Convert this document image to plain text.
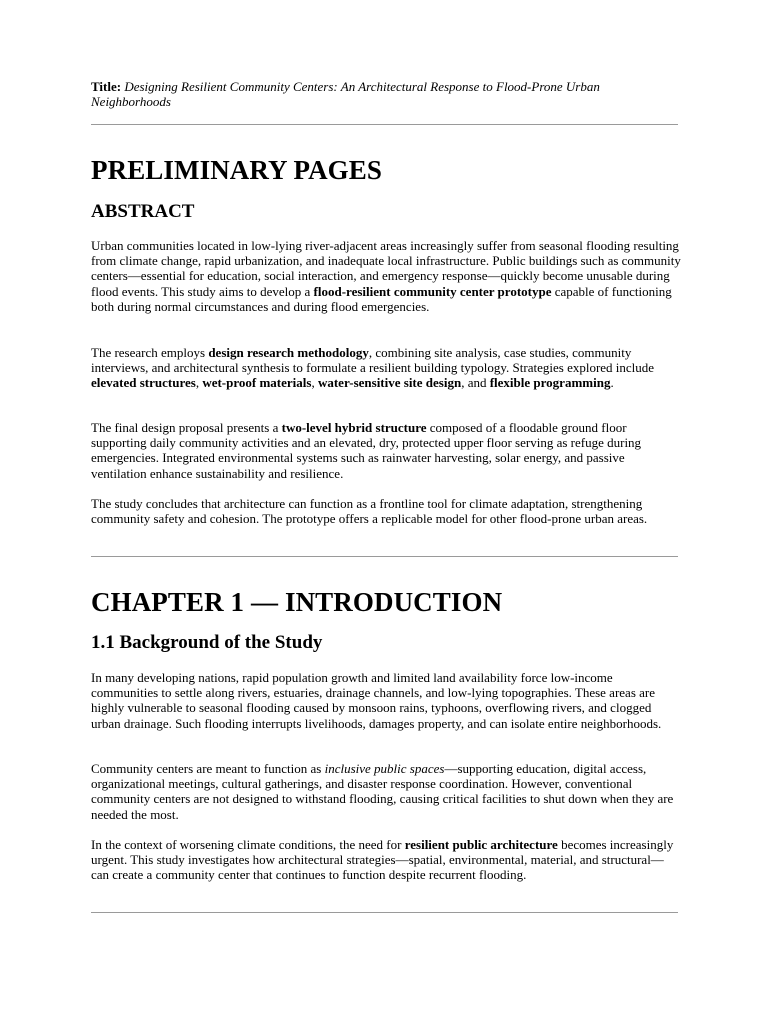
Title: Designing Resilient Community Centers: An Architectural Response to Flood-Prone Urban Neighborhoods

PRELIMINARY PAGES
ABSTRACT

Urban communities located in low-lying river-adjacent areas increasingly suffer from seasonal flooding resulting from climate change, rapid urbanization, and inadequate local infrastructure. Public buildings such as community centers—essential for education, social interaction, and emergency response—quickly become unusable during flood events. This study aims to develop a flood-resilient community center prototype capable of functioning both during normal circumstances and during flood emergencies.

The research employs design research methodology, combining site analysis, case studies, community interviews, and architectural synthesis to formulate a resilient building typology. Strategies explored include elevated structures, wet-proof materials, water-sensitive site design, and flexible programming.

The final design proposal presents a two-level hybrid structure composed of a floodable ground floor supporting daily community activities and an elevated, dry, protected upper floor serving as refuge during emergencies. Integrated environmental systems such as rainwater harvesting, solar energy, and passive ventilation enhance sustainability and resilience.

The study concludes that architecture can function as a frontline tool for climate adaptation, strengthening community safety and cohesion. The prototype offers a replicable model for other flood-prone urban areas.

CHAPTER 1 — INTRODUCTION
1.1 Background of the Study

In many developing nations, rapid population growth and limited land availability force low-income communities to settle along rivers, estuaries, drainage channels, and low-lying topographies. These areas are highly vulnerable to seasonal flooding caused by monsoon rains, typhoons, overflowing rivers, and clogged urban drainage. Such flooding interrupts livelihoods, damages property, and can isolate entire neighborhoods.

Community centers are meant to function as inclusive public spaces—supporting education, digital access, organizational meetings, cultural gatherings, and disaster response coordination. However, conventional community centers are not designed to withstand flooding, causing critical facilities to shut down when they are needed the most.

In the context of worsening climate conditions, the need for resilient public architecture becomes increasingly urgent. This study investigates how architectural strategies—spatial, environmental, material, and structural—can create a community center that continues to function despite recurrent flooding.
